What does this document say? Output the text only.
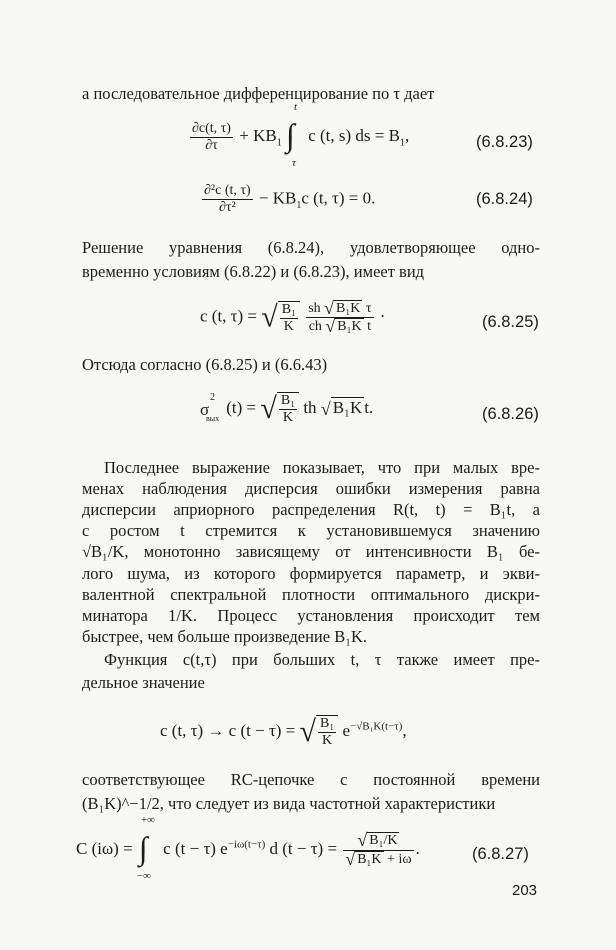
а последовательное дифференцирование по τ дает
$\frac{\partial c(t, \tau)}{\partial\tau} + KB_1$ ∫
t
τ
c (t, s) ds = $B_1$,	(6.8.23)
$\frac{\text{∂²c (t, τ)}}{\text{∂τ²}} - KB_1c$ (t, τ) = 0.	(6.8.24)
Решение уравнения (6.8.24), удовлетворяющее одно-
временно условиям (6.8.22) и (6.8.23), имеет вид
c (t, τ) = √ $\frac{\text{B₁}}{K}$
$\frac{\text{sh √ B₁K τ}}{\text{ch √ B₁K t}}$ ·	(6.8.25)
Отсюда согласно (6.8.25) и (6.6.43)
σ
2
вых
(t) = √ $\frac{\text{B₁}}{K}$ th √ B₁K t.	(6.8.26)
Последнее выражение показывает, что при малых вре-
менах наблюдения дисперсия ошибки измерения равна
дисперсии априорного распределения R(t, t) = B₁t, а
с ростом t стремится к установившемуся значению
√B₁/K, монотонно зависящему от интенсивности B₁ бе-
лого шума, из которого формируется параметр, и экви-
валентной спектральной плотности оптимального дискри-
минатора 1/K. Процесс установления происходит тем
быстрее, чем больше произведение B₁K.
Функция c(t,τ) при больших t, τ также имеет пре-
дельное значение
c (t, τ) → c (t − τ) = √ $\frac{\text{B₁}}{K} e^{-√B_1K(t-\tau)}$,
соответствующее RC-цепочке с постоянной времени
(B₁K)^−1/2, что следует из вида частотной характеристики
C (iω) = ∫
+∞
−∞
c (t − τ) $e^{-i\omega(t-\tau)}$ d $(t - \tau) = \frac{\text{√ B₁/K}}{\text{√ B₁K + iω}}$ .	(6.8.27)
203
